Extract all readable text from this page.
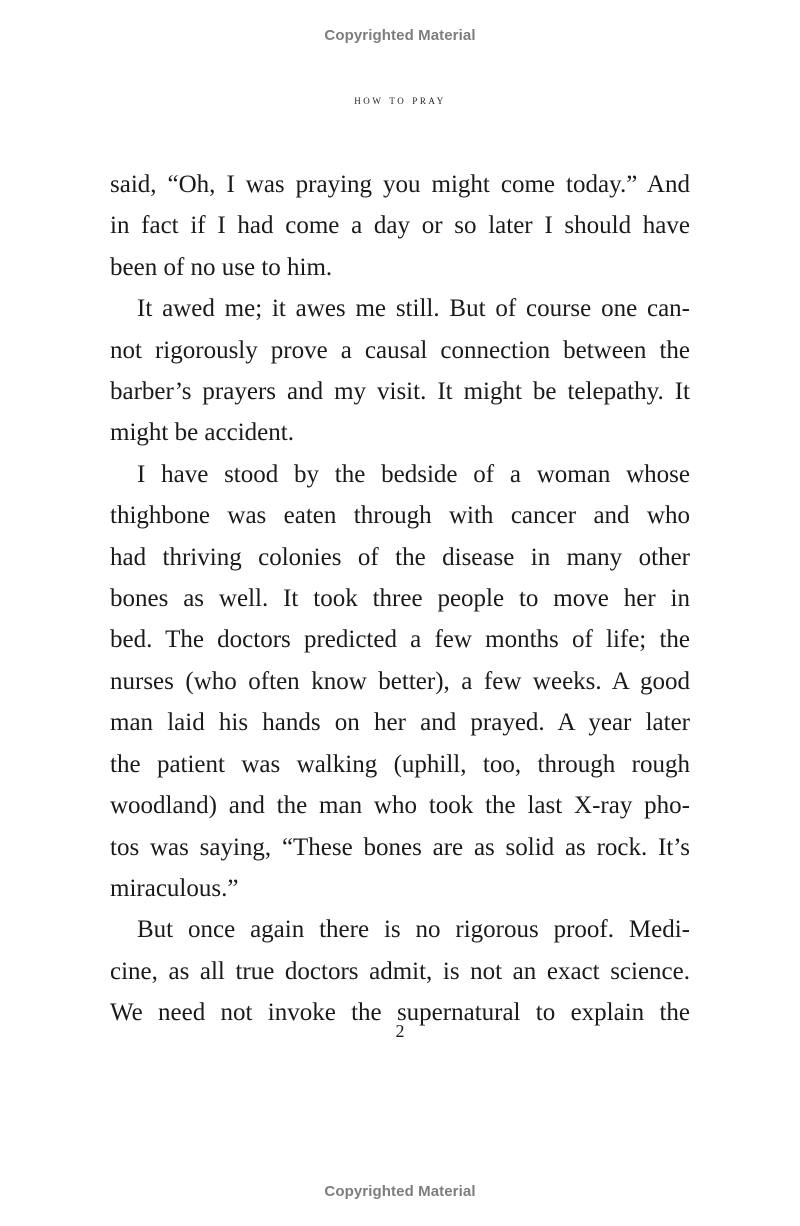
Copyrighted Material
how to pray

said, “Oh, I was praying you might come today.” And
in fact if I had come a day or so later I should have
been of no use to him.

It awed me; it awes me still. But of course one can-
not rigorously prove a causal connection between the
barber’s prayers and my visit. It might be telepathy. It
might be accident.

I have stood by the bedside of a woman whose
thighbone was eaten through with cancer and who
had thriving colonies of the disease in many other
bones as well. It took three people to move her in
bed. The doctors predicted a few months of life; the
nurses (who often know better), a few weeks. A good
man laid his hands on her and prayed. A year later
the patient was walking (uphill, too, through rough
woodland) and the man who took the last X-ray pho-
tos was saying, “These bones are as solid as rock. It’s
miraculous.”

But once again there is no rigorous proof. Medi-
cine, as all true doctors admit, is not an exact science.
We need not invoke the supernatural to explain the

2
Copyrighted Material
